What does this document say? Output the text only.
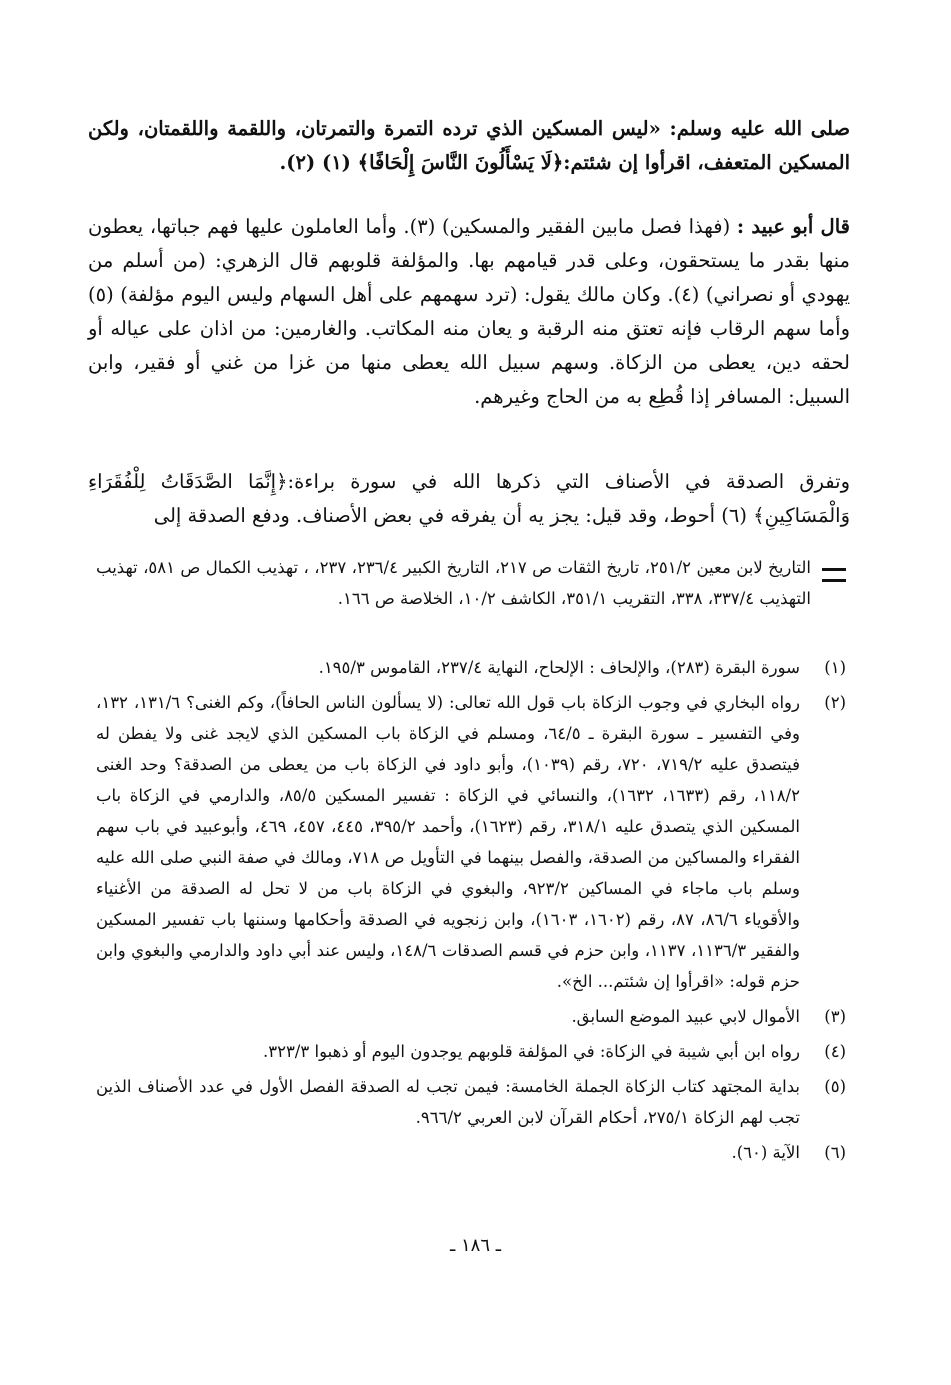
صلى الله عليه وسلم: «ليس المسكين الذي ترده التمرة والتمرتان، واللقمة واللقمتان، ولكن المسكين المتعفف، اقرأوا إن شئتم:﴿لَا يَسْأَلُونَ النَّاسَ إِلْحَافًا﴾ (١) (٢).
قال أبو عبيد : (فهذا فصل مابين الفقير والمسكين) (٣). وأما العاملون عليها فهم جباتها، يعطون منها بقدر ما يستحقون، وعلى قدر قيامهم بها. والمؤلفة قلوبهم قال الزهري: (من أسلم من يهودي أو نصراني) (٤). وكان مالك يقول: (ترد سهمهم على أهل السهام وليس اليوم مؤلفة) (٥) وأما سهم الرقاب فإنه تعتق منه الرقبة و يعان منه المكاتب. والغارمين: من اذان على عياله أو لحقه دين، يعطى من الزكاة. وسهم سبيل الله يعطى منها من غزا من غني أو فقير، وابن السبيل: المسافر إذا قُطِع به من الحاج وغيرهم.
وتفرق الصدقة في الأصناف التي ذكرها الله في سورة براءة:﴿إِنَّمَا الصَّدَقَاتُ لِلْفُقَرَاءِ وَالْمَسَاكِينِ﴾ (٦) أحوط، وقد قيل: يجز يه أن يفرقه في بعض الأصناف. ودفع الصدقة إلى
التاريخ لابن معين ٢٥١/٢، تاريخ الثقات ص ٢١٧، التاريخ الكبير ٢٣٦/٤، ٢٣٧، ، تهذيب الكمال ص ٥٨١، تهذيب التهذيب ٣٣٧/٤، ٣٣٨، التقريب ٣٥١/١، الكاشف ١٠/٢، الخلاصة ص ١٦٦.
(١)
سورة البقرة (٢٨٣)، والإلحاف : الإلحاح، النهاية ٢٣٧/٤، القاموس ١٩٥/٣.
(٢)
رواه البخاري في وجوب الزكاة باب قول الله تعالى: (لا يسألون الناس الحافاً)، وكم الغنى؟ ١٣١/٦، ١٣٢، وفي التفسير ـ سورة البقرة ـ ٦٤/٥، ومسلم في الزكاة باب المسكين الذي لايجد غنى ولا يفطن له فيتصدق عليه ٧١٩/٢، ٧٢٠، رقم (١٠٣٩)، وأبو داود في الزكاة باب من يعطى من الصدقة؟ وحد الغنى ١١٨/٢، رقم (١٦٣٣، ١٦٣٢)، والنسائي في الزكاة : تفسير المسكين ٨٥/٥، والدارمي في الزكاة باب المسكين الذي يتصدق عليه ٣١٨/١، رقم (١٦٢٣)، وأحمد ٣٩٥/٢، ٤٤٥، ٤٥٧، ٤٦٩، وأبوعبيد في باب سهم الفقراء والمساكين من الصدقة، والفصل بينهما في التأويل ص ٧١٨، ومالك في صفة النبي صلى الله عليه وسلم باب ماجاء في المساكين ٩٢٣/٢، والبغوي في الزكاة باب من لا تحل له الصدقة من الأغنياء والأقوياء ٨٦/٦، ٨٧، رقم (١٦٠٢، ١٦٠٣)، وابن زنجويه في الصدقة وأحكامها وسننها باب تفسير المسكين والفقير ١١٣٦/٣، ١١٣٧، وابن حزم في قسم الصدقات ١٤٨/٦، وليس عند أبي داود والدارمي والبغوي وابن حزم قوله: «اقرأوا إن شئتم... الخ».
(٣)
الأموال لابي عبيد الموضع السابق.
(٤)
رواه ابن أبي شيبة في الزكاة: في المؤلفة قلوبهم يوجدون اليوم أو ذهبوا ٣٢٣/٣.
(٥)
بداية المجتهد كتاب الزكاة الجملة الخامسة: فيمن تجب له الصدقة الفصل الأول في عدد الأصناف الذين تجب لهم الزكاة ٢٧٥/١، أحكام القرآن لابن العربي ٩٦٦/٢.
(٦)
الآية (٦٠).
ـ ١٨٦ ـ
